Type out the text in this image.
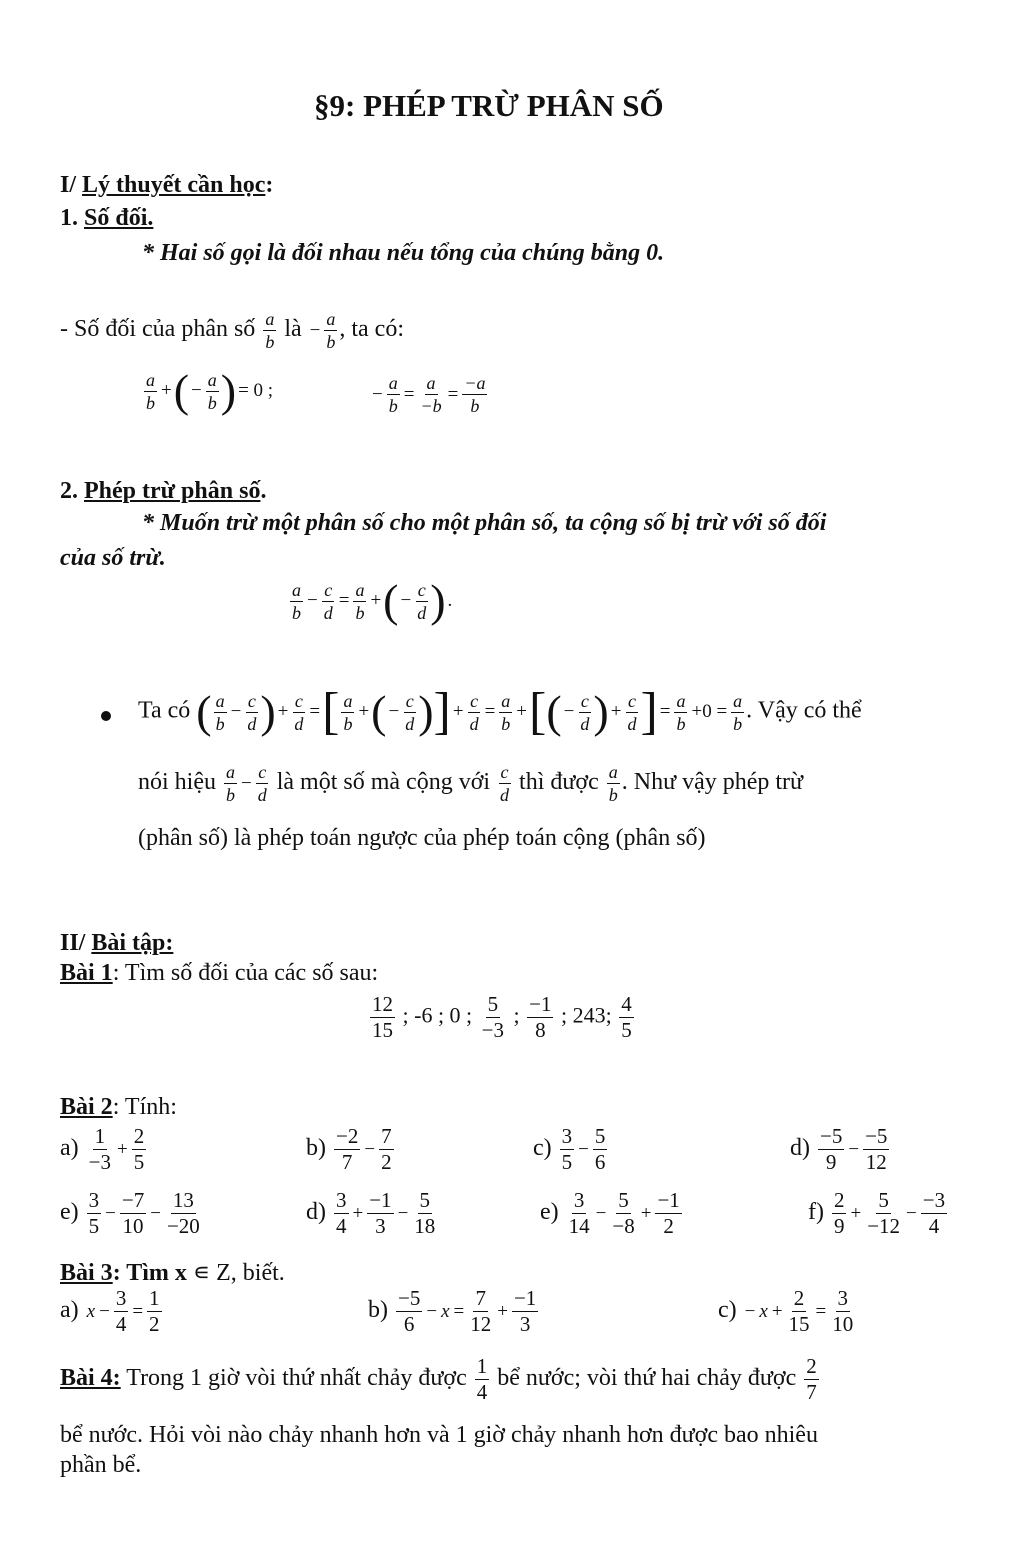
§9: PHÉP TRỪ PHÂN SỐ
I/ Lý thuyết cần học:
1. Số đối.
* Hai số gọi là đối nhau nếu tổng của chúng bằng 0.
- Số đối của phân số $\frac{a}{b}$ là − $\frac{a}{b}$ , ta có:
$\frac{a}{b}$ +( − $\frac{a}{b}$ ) = 0 ;	− $\frac{a}{b} = \frac{a}{-b} = \frac{-a}{b}$
2. Phép trừ phân số.
* Muốn trừ một phân số cho một phân số, ta cộng số bị trừ với số đối
của số trừ.
$\frac{a}{b} - \frac{c}{d} = \frac{a}{b}$ +( − $\frac{c}{d}$ ) .
Ta có ( $\frac{a}{b} - \frac{c}{d}$ ) + $\frac{c}{d}$ =[ $\frac{a}{b}$ +( − $\frac{c}{d}$ )] + $\frac{c}{d} = \frac{a}{b}$ +[( − $\frac{c}{d}$ ) + $\frac{c}{d}$ ] = $\frac{a}{b} +0 = \frac{a}{b}$ . Vậy có thể
nói hiệu $\frac{a}{b} - \frac{c}{d}$ là một số mà cộng với $\frac{c}{d}$ thì được $\frac{a}{b}$ . Như vậy phép trừ
(phân số) là phép toán ngược của phép toán cộng (phân số)
II/ Bài tập:
Bài 1: Tìm số đối của các số sau:
$\frac{12}{15}$ ; -6 ; 0 ; $\frac{5}{-3}$ ; $\frac{-1}{8}$ ; 243; $\frac{4}{5}$
Bài 2: Tính:
$a) \frac{1}{-3} + \frac{2}{5}$	$b) \frac{-2}{7} - \frac{7}{2}$	$c) \frac{3}{5} - \frac{5}{6}$	$d) \frac{-5}{9} - \frac{-5}{12}$
$e) \frac{3}{5} - \frac{-7}{10} - \frac{13}{-20}$	$d) \frac{3}{4} + \frac{-1}{3} - \frac{5}{18}$	$e) \frac{3}{14} - \frac{5}{-8} + \frac{-1}{2}$	$f) \frac{2}{9} + \frac{5}{-12} - \frac{-3}{4}$
Bài 3: Tìm x ∊ Z, biết.
a) $x - \frac{3}{4} = \frac{1}{2}$	$b) \frac{-5}{6} - x = \frac{7}{12} + \frac{-1}{3}$	$c) - x + \frac{2}{15} = \frac{3}{10}$
Bài 4: Trong 1 giờ vòi thứ nhất chảy được $\frac{1}{4}$ bể nước; vòi thứ hai chảy được $\frac{2}{7}$
bể nước. Hỏi vòi nào chảy nhanh hơn và 1 giờ chảy nhanh hơn được bao nhiêu
phần bể.
